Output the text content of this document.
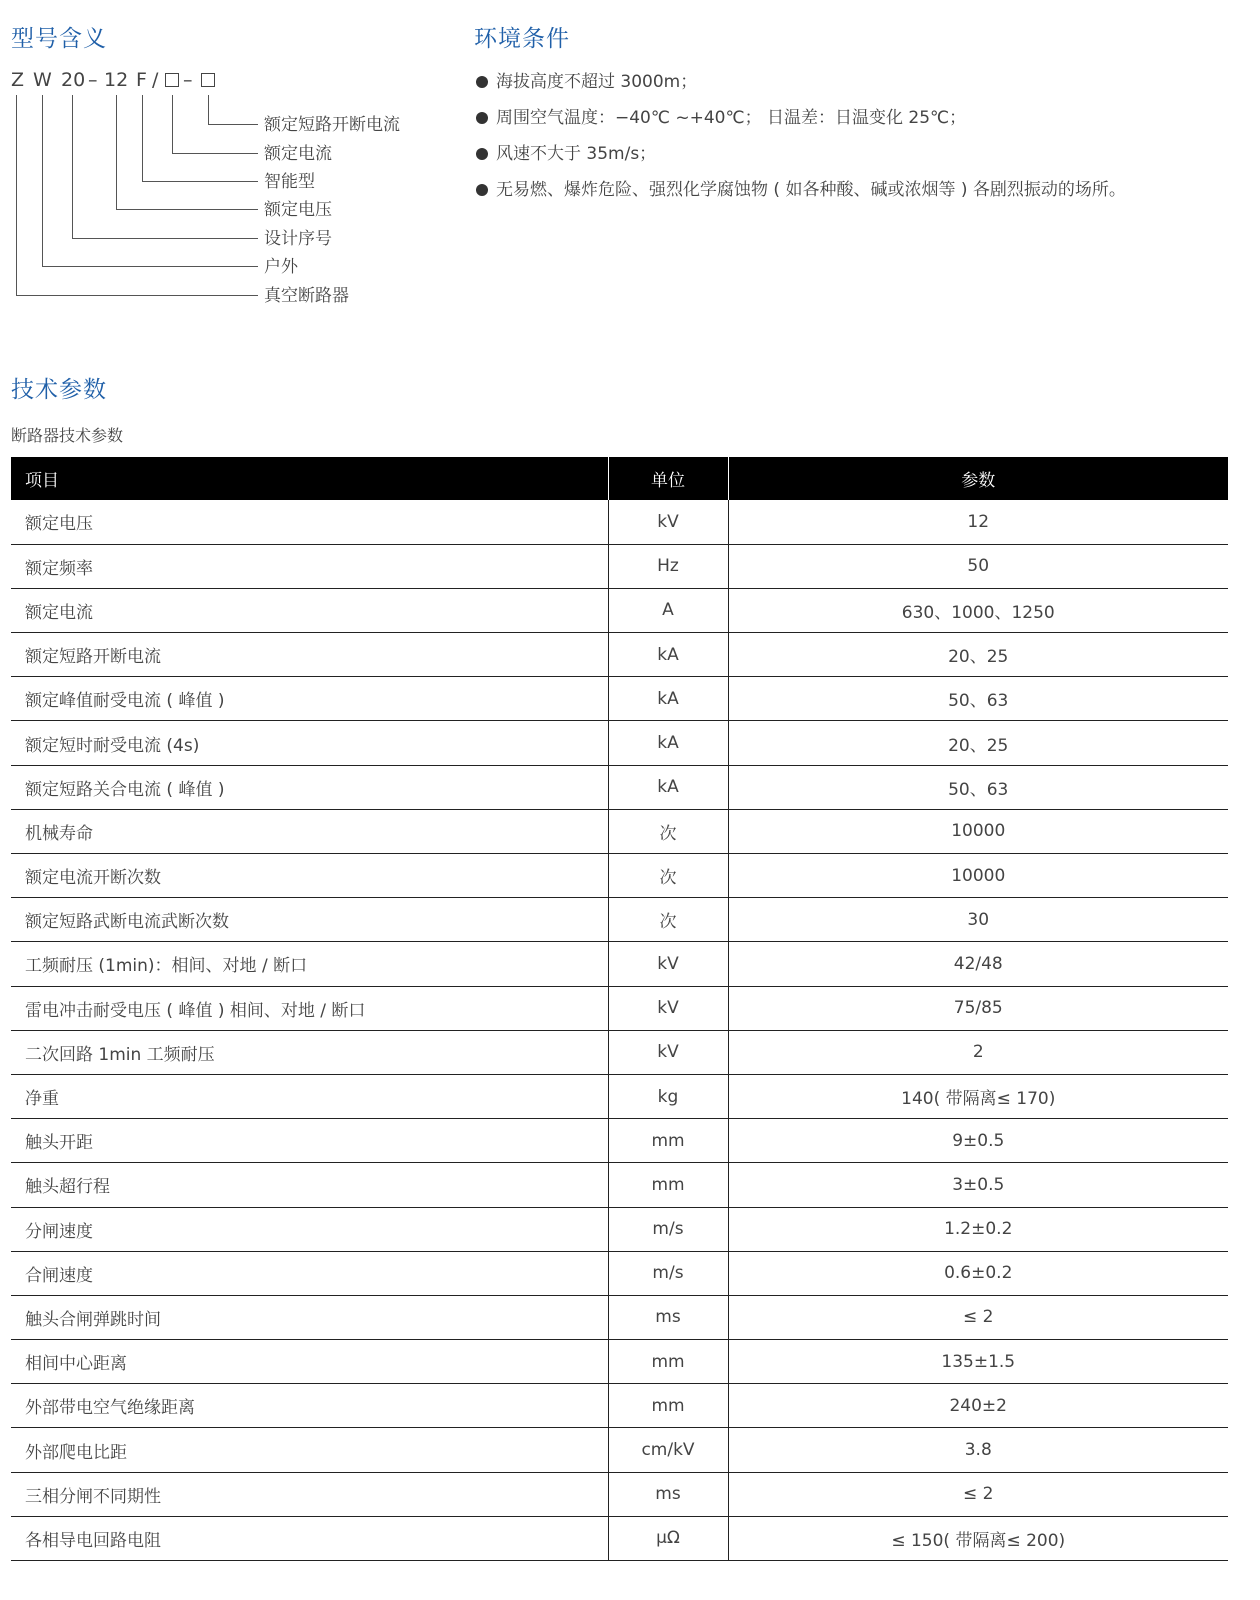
型号含义
Z W 20 – 12 F / –
额定短路开断电流
额定电流
智能型
额定电压
设计序号
户外
真空断路器
环境条件
海拔高度不超过 3000m；
周围空气温度：−40℃ ~+40℃； 日温差：日温变化 25℃；
风速不大于 35m/s；
无易燃、爆炸危险、强烈化学腐蚀物 ( 如各种酸、碱或浓烟等 ) 各剧烈振动的场所。
技术参数
断路器技术参数
项目	单位	参数
额定电压	kV	12
额定频率	Hz	50
额定电流	A	630、1000、1250
额定短路开断电流	kA	20、25
额定峰值耐受电流 ( 峰值 )	kA	50、63
额定短时耐受电流 (4s)	kA	20、25
额定短路关合电流 ( 峰值 )	kA	50、63
机械寿命	次	10000
额定电流开断次数	次	10000
额定短路武断电流武断次数	次	30
工频耐压 (1min)：相间、对地 / 断口	kV	42/48
雷电冲击耐受电压 ( 峰值 ) 相间、对地 / 断口	kV	75/85
二次回路 1min 工频耐压	kV	2
净重	kg	140( 带隔离≤ 170)
触头开距	mm	9±0.5
触头超行程	mm	3±0.5
分闸速度	m/s	1.2±0.2
合闸速度	m/s	0.6±0.2
触头合闸弹跳时间	ms	≤ 2
相间中心距离	mm	135±1.5
外部带电空气绝缘距离	mm	240±2
外部爬电比距	cm/kV	3.8
三相分闸不同期性	ms	≤ 2
各相导电回路电阻	μΩ	≤ 150( 带隔离≤ 200)
